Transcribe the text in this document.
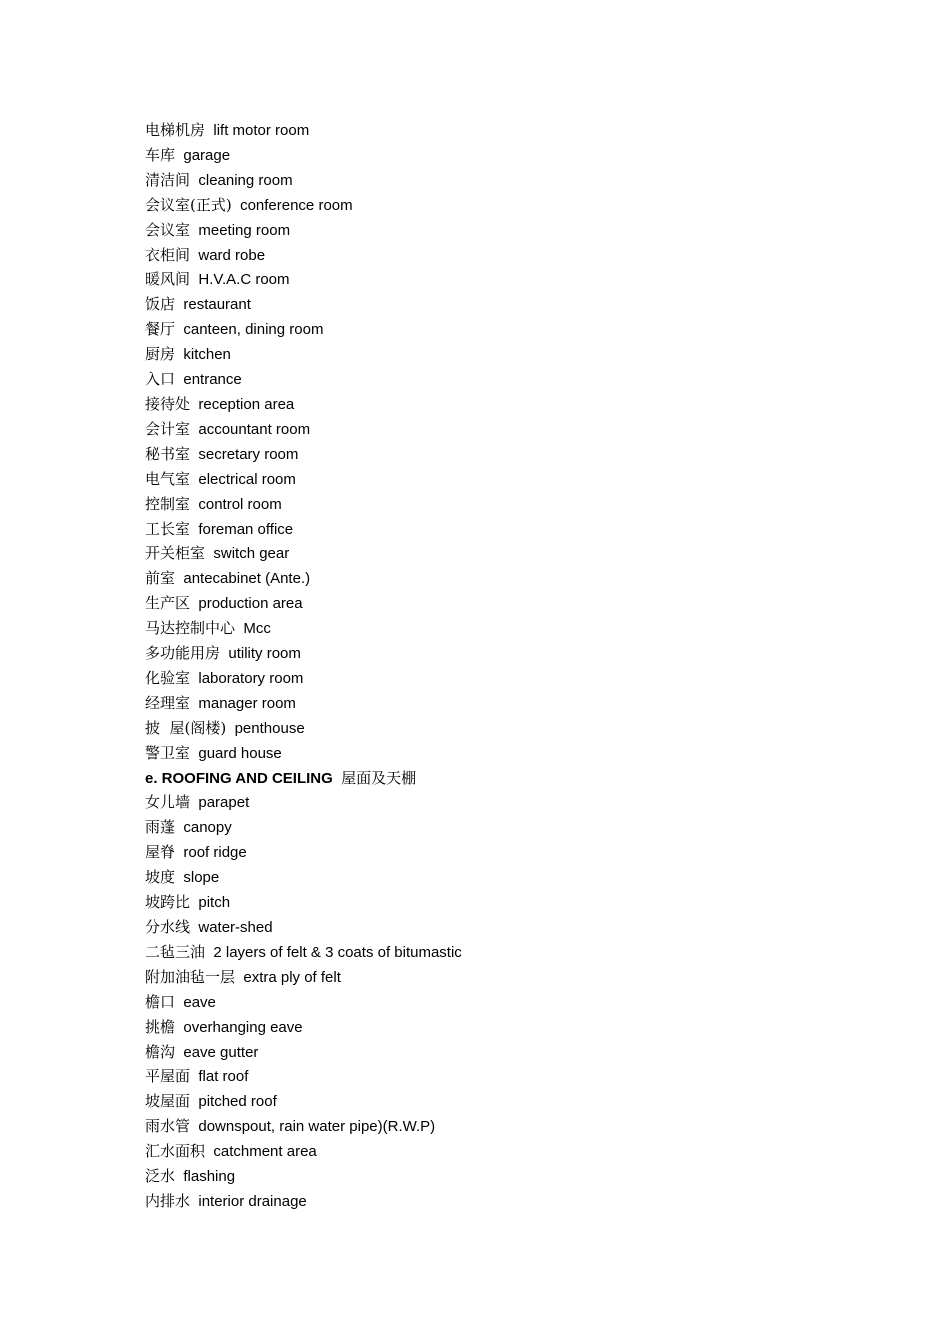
电梯机房 lift motor room
车库 garage
清洁间 cleaning room
会议室(正式) conference room
会议室 meeting room
衣柜间 ward robe
暖风间 H.V.A.C room
饭店 restaurant
餐厅 canteen, dining room
厨房 kitchen
入口 entrance
接待处 reception area
会计室 accountant room
秘书室 secretary room
电气室 electrical room
控制室 control room
工长室 foreman office
开关柜室 switch gear
前室 antecabinet (Ante.)
生产区 production area
马达控制中心 Mcc
多功能用房 utility room
化验室 laboratory room
经理室 manager room
披  屋(阁楼) penthouse
警卫室 guard house
e. ROOFING AND CEILING 屋面及天棚
女儿墙 parapet
雨蓬 canopy
屋脊 roof ridge
坡度 slope
坡跨比 pitch
分水线 water-shed
二毡三油 2 layers of felt & 3 coats of bitumastic
附加油毡一层 extra ply of felt
檐口 eave
挑檐 overhanging eave
檐沟 eave gutter
平屋面 flat roof
坡屋面 pitched roof
雨水管 downspout, rain water pipe)(R.W.P)
汇水面积 catchment area
泛水 flashing
内排水 interior drainage
